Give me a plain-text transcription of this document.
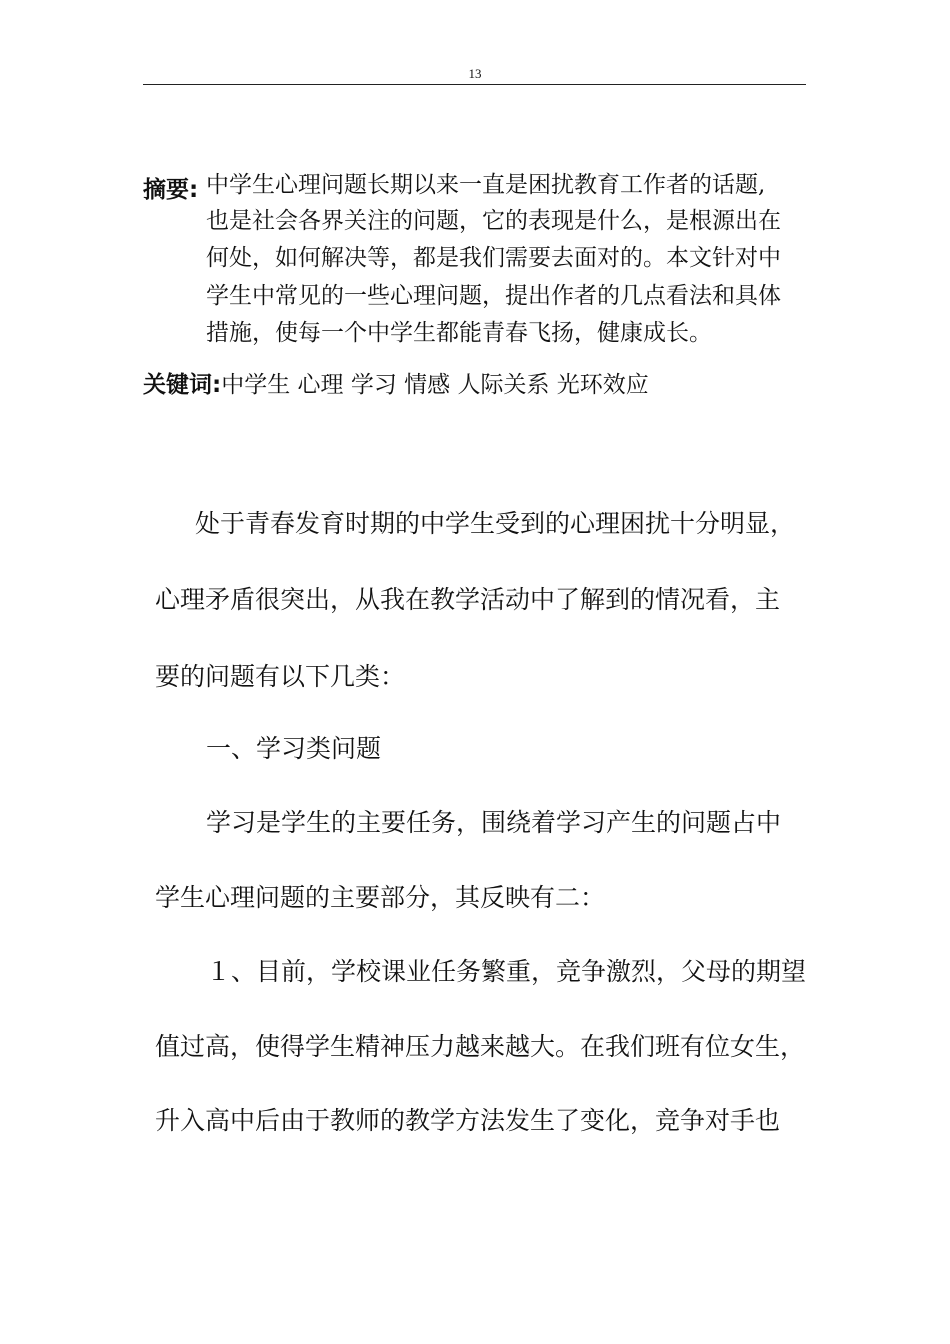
13
摘要: 中学生心理问题长期以来一直是困扰教育工作者的话题,
也是社会各界关注的问题，它的表现是什么，是根源出在
何处，如何解决等，都是我们需要去面对的。本文针对中
学生中常见的一些心理问题，提出作者的几点看法和具体
措施，使每一个中学生都能青春飞扬，健康成长。
关键词:中学生 心理 学习 情感 人际关系 光环效应
处于青春发育时期的中学生受到的心理困扰十分明显，
心理矛盾很突出，从我在教学活动中了解到的情况看，主
要的问题有以下几类：
一、学习类问题
学习是学生的主要任务，围绕着学习产生的问题占中
学生心理问题的主要部分，其反映有二：
１、目前，学校课业任务繁重，竞争激烈，父母的期望
值过高，使得学生精神压力越来越大。在我们班有位女生，
升入高中后由于教师的教学方法发生了变化，竞争对手也
